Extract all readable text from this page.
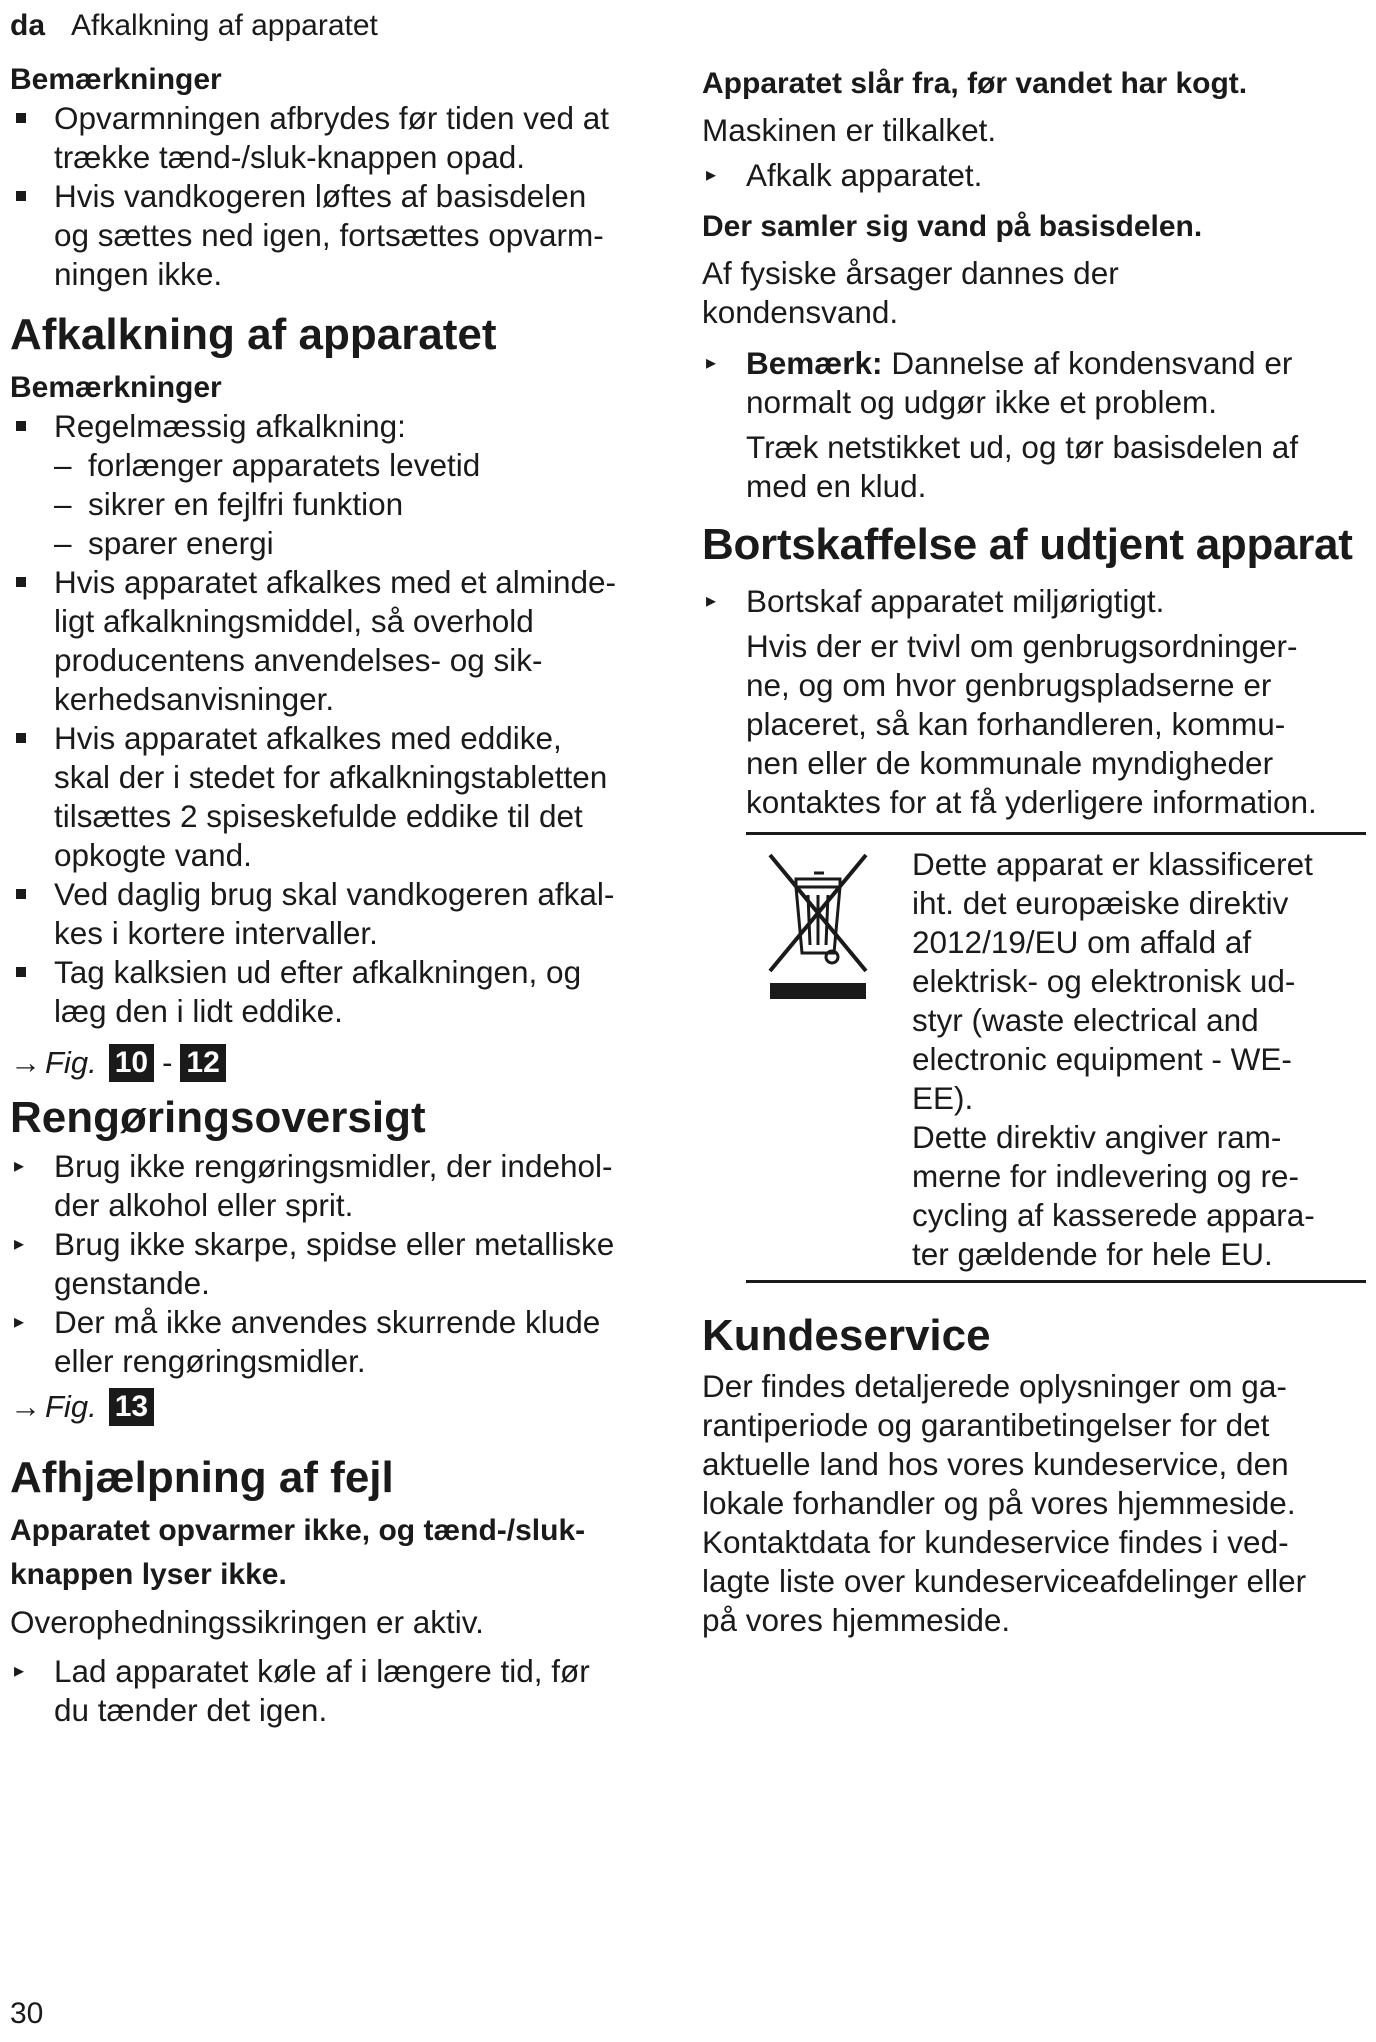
da Afkalkning af apparatet
Bemærkninger
Opvarmningen afbrydes før tiden ved at
trække tænd-/sluk-knappen opad.
Hvis vandkogeren løftes af basisdelen
og sættes ned igen, fortsættes opvarm-
ningen ikke.
Afkalkning af apparatet
Bemærkninger
Regelmæssig afkalkning:
– forlænger apparatets levetid
– sikrer en fejlfri funktion
– sparer energi
Hvis apparatet afkalkes med et alminde-
ligt afkalkningsmiddel, så overhold
producentens anvendelses- og sik-
kerhedsanvisninger.
Hvis apparatet afkalkes med eddike,
skal der i stedet for afkalkningstabletten
tilsættes 2 spiseskefulde eddike til det
opkogte vand.
Ved daglig brug skal vandkogeren afkal-
kes i kortere intervaller.
Tag kalksien ud efter afkalkningen, og
læg den i lidt eddike.
→ Fig. 10 - 12
Rengøringsoversigt
▸ Brug ikke rengøringsmidler, der indehol-
der alkohol eller sprit.
▸ Brug ikke skarpe, spidse eller metalliske
genstande.
▸ Der må ikke anvendes skurrende klude
eller rengøringsmidler.
→ Fig. 13
Afhjælpning af fejl
Apparatet opvarmer ikke, og tænd-/sluk-
knappen lyser ikke.
Overophedningssikringen er aktiv.
▸ Lad apparatet køle af i længere tid, før
du tænder det igen.
Apparatet slår fra, før vandet har kogt.
Maskinen er tilkalket.
▸ Afkalk apparatet.
Der samler sig vand på basisdelen.
Af fysiske årsager dannes der
kondensvand.
▸ Bemærk: Dannelse af kondensvand er
normalt og udgør ikke et problem.
Træk netstikket ud, og tør basisdelen af
med en klud.
Bortskaffelse af udtjent apparat
▸ Bortskaf apparatet miljørigtigt.
Hvis der er tvivl om genbrugsordninger-
ne, og om hvor genbrugspladserne er
placeret, så kan forhandleren, kommu-
nen eller de kommunale myndigheder
kontaktes for at få yderligere information.
Dette apparat er klassificeret
iht. det europæiske direktiv
2012/19/EU om affald af
elektrisk- og elektronisk ud-
styr (waste electrical and
electronic equipment - WE-
EE).
Dette direktiv angiver ram-
merne for indlevering og re-
cycling af kasserede appara-
ter gældende for hele EU.
Kundeservice
Der findes detaljerede oplysninger om ga-
rantiperiode og garantibetingelser for det
aktuelle land hos vores kundeservice, den
lokale forhandler og på vores hjemmeside.
Kontaktdata for kundeservice findes i ved-
lagte liste over kundeserviceafdelinger eller
på vores hjemmeside.
30
